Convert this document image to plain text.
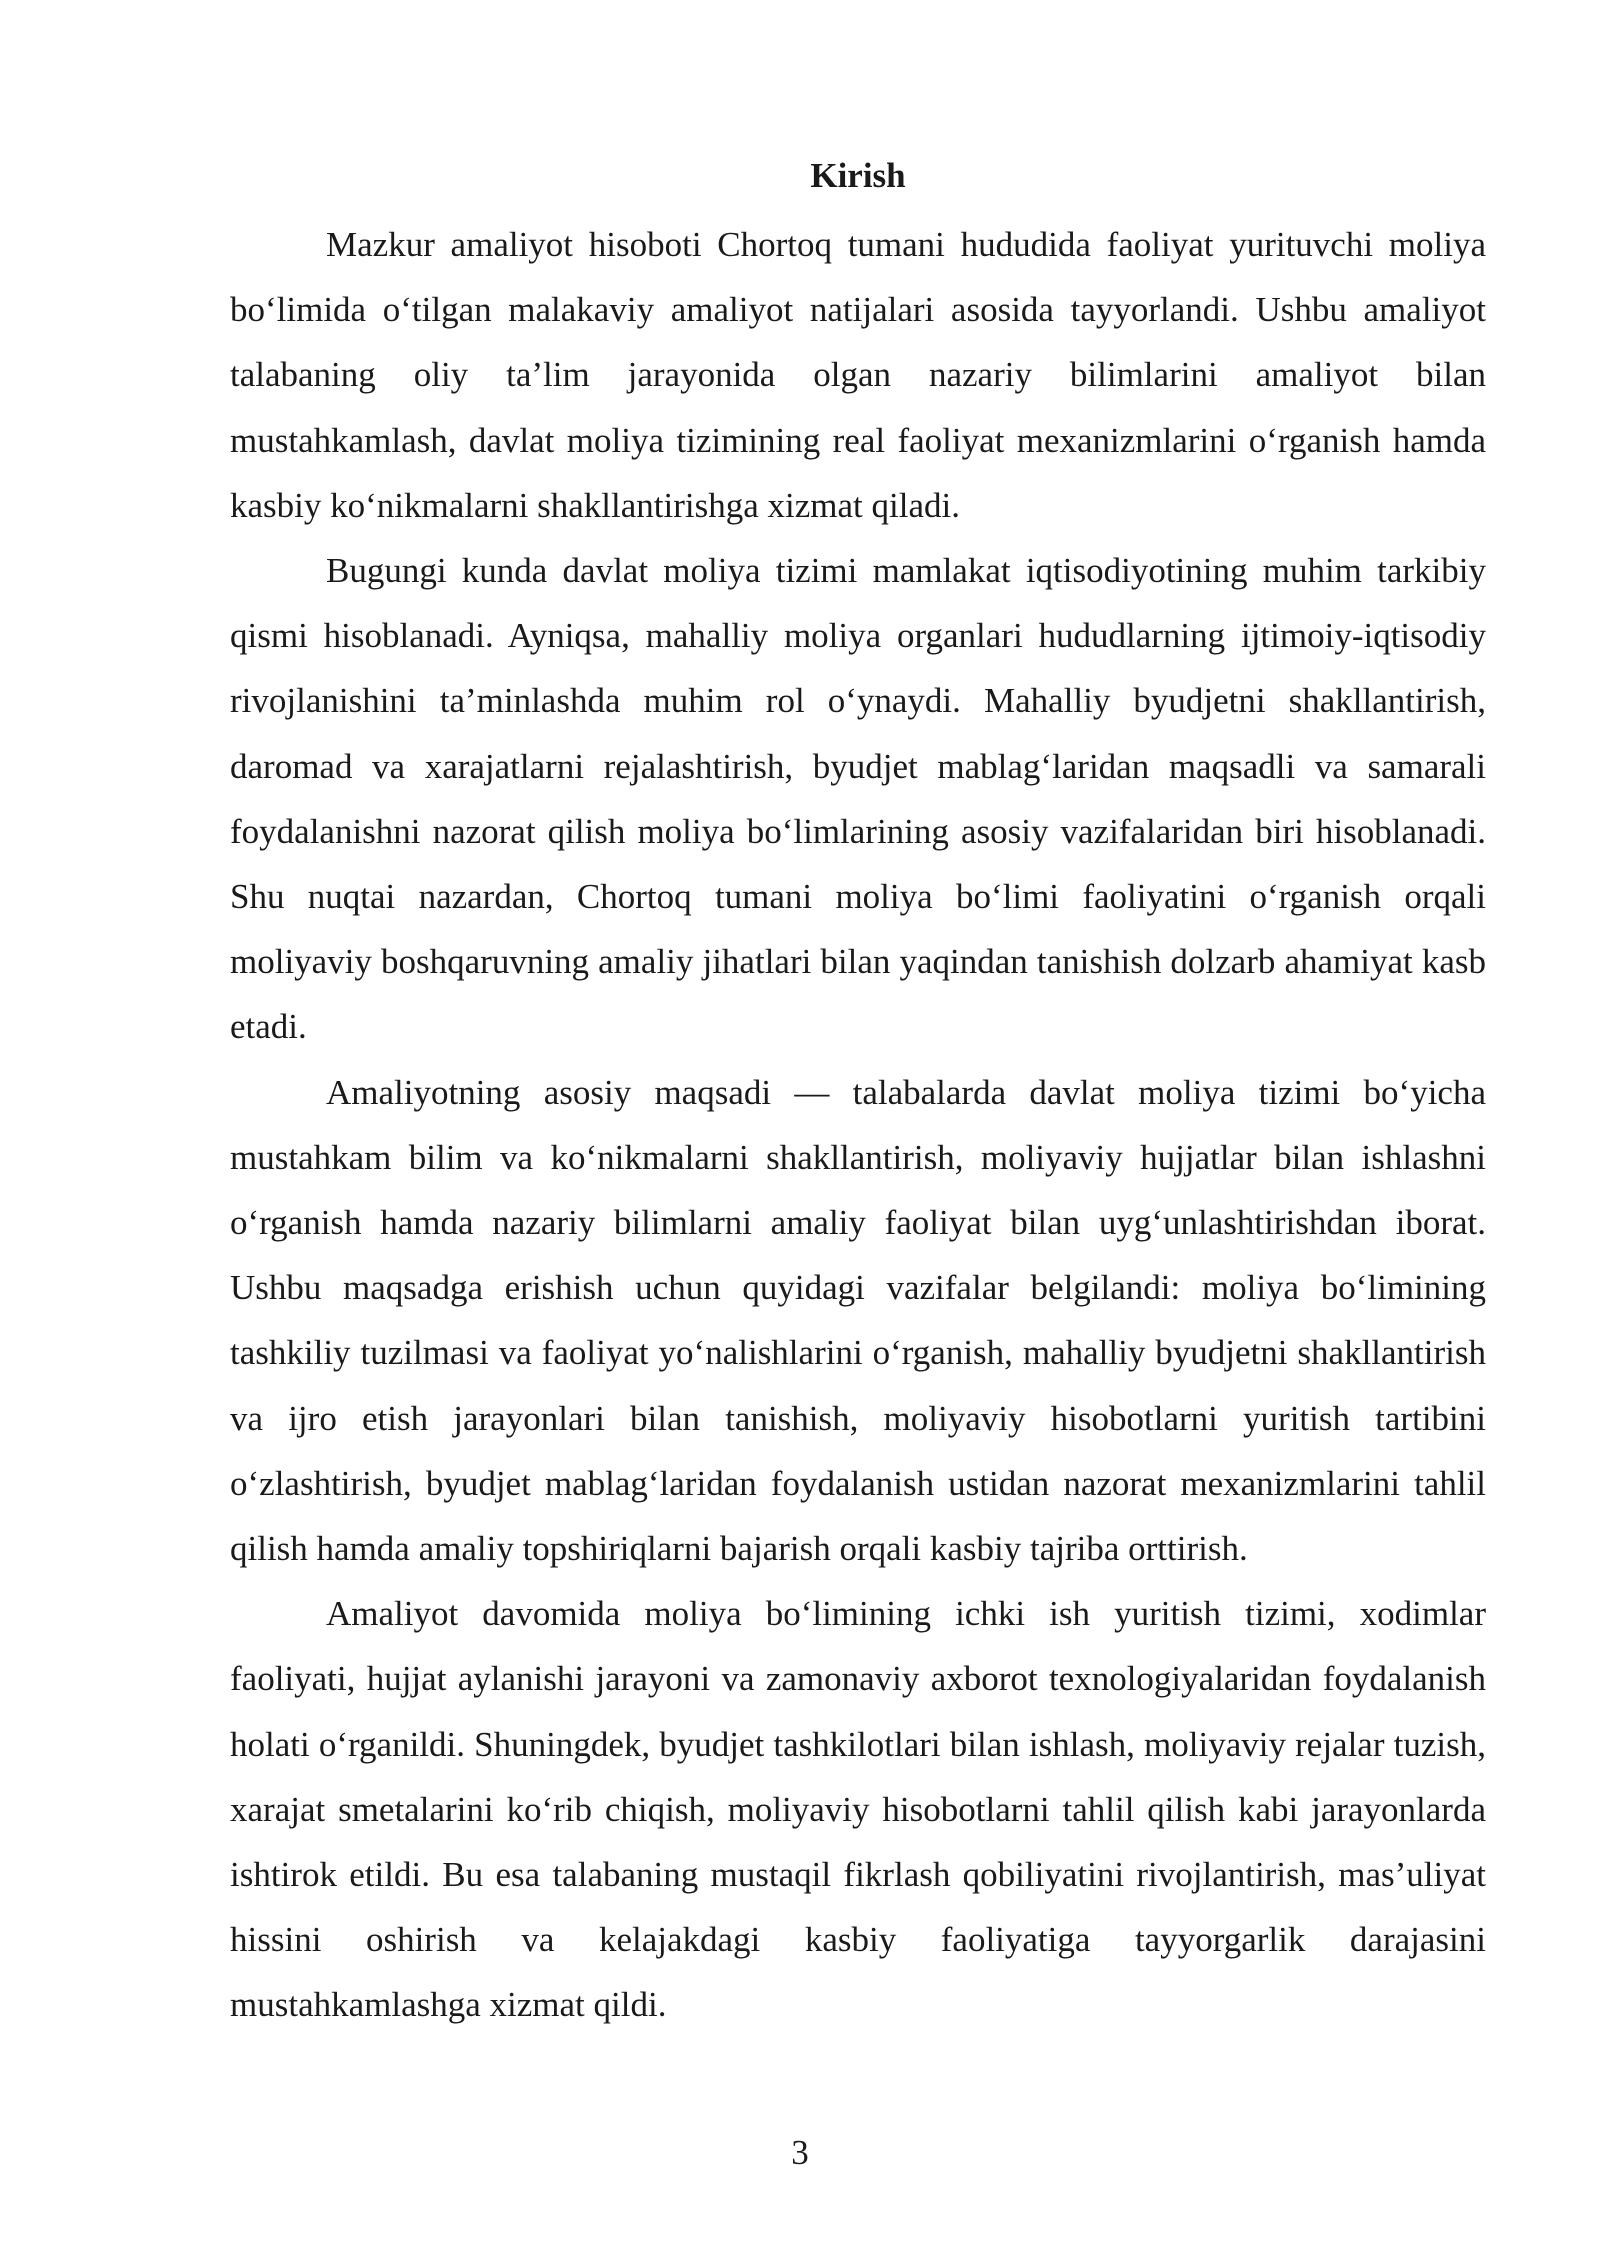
Kirish

Mazkur amaliyot hisoboti Chortoq tumani hududida faoliyat yurituvchi moliya bo‘limida o‘tilgan malakaviy amaliyot natijalari asosida tayyorlandi. Ushbu amaliyot talabaning oliy ta’lim jarayonida olgan nazariy bilimlarini amaliyot bilan mustahkamlash, davlat moliya tizimining real faoliyat mexanizmlarini o‘rganish hamda kasbiy ko‘nikmalarni shakllantirishga xizmat qiladi.

Bugungi kunda davlat moliya tizimi mamlakat iqtisodiyotining muhim tarkibiy qismi hisoblanadi. Ayniqsa, mahalliy moliya organlari hududlarning ijtimoiy-iqtisodiy rivojlanishini ta’minlashda muhim rol o‘ynaydi. Mahalliy byudjetni shakllantirish, daromad va xarajatlarni rejalashtirish, byudjet mablag‘laridan maqsadli va samarali foydalanishni nazorat qilish moliya bo‘limlarining asosiy vazifalaridan biri hisoblanadi. Shu nuqtai nazardan, Chortoq tumani moliya bo‘limi faoliyatini o‘rganish orqali moliyaviy boshqaruvning amaliy jihatlari bilan yaqindan tanishish dolzarb ahamiyat kasb etadi.

Amaliyotning asosiy maqsadi — talabalarda davlat moliya tizimi bo‘yicha mustahkam bilim va ko‘nikmalarni shakllantirish, moliyaviy hujjatlar bilan ishlashni o‘rganish hamda nazariy bilimlarni amaliy faoliyat bilan uyg‘unlashtirishdan iborat. Ushbu maqsadga erishish uchun quyidagi vazifalar belgilandi: moliya bo‘limining tashkiliy tuzilmasi va faoliyat yo‘nalishlarini o‘rganish, mahalliy byudjetni shakllantirish va ijro etish jarayonlari bilan tanishish, moliyaviy hisobotlarni yuritish tartibini o‘zlashtirish, byudjet mablag‘laridan foydalanish ustidan nazorat mexanizmlarini tahlil qilish hamda amaliy topshiriqlarni bajarish orqali kasbiy tajriba orttirish.

Amaliyot davomida moliya bo‘limining ichki ish yuritish tizimi, xodimlar faoliyati, hujjat aylanishi jarayoni va zamonaviy axborot texnologiyalaridan foydalanish holati o‘rganildi. Shuningdek, byudjet tashkilotlari bilan ishlash, moliyaviy rejalar tuzish, xarajat smetalarini ko‘rib chiqish, moliyaviy hisobotlarni tahlil qilish kabi jarayonlarda ishtirok etildi. Bu esa talabaning mustaqil fikrlash qobiliyatini rivojlantirish, mas’uliyat hissini oshirish va kelajakdagi kasbiy faoliyatiga tayyorgarlik darajasini mustahkamlashga xizmat qildi.

3
